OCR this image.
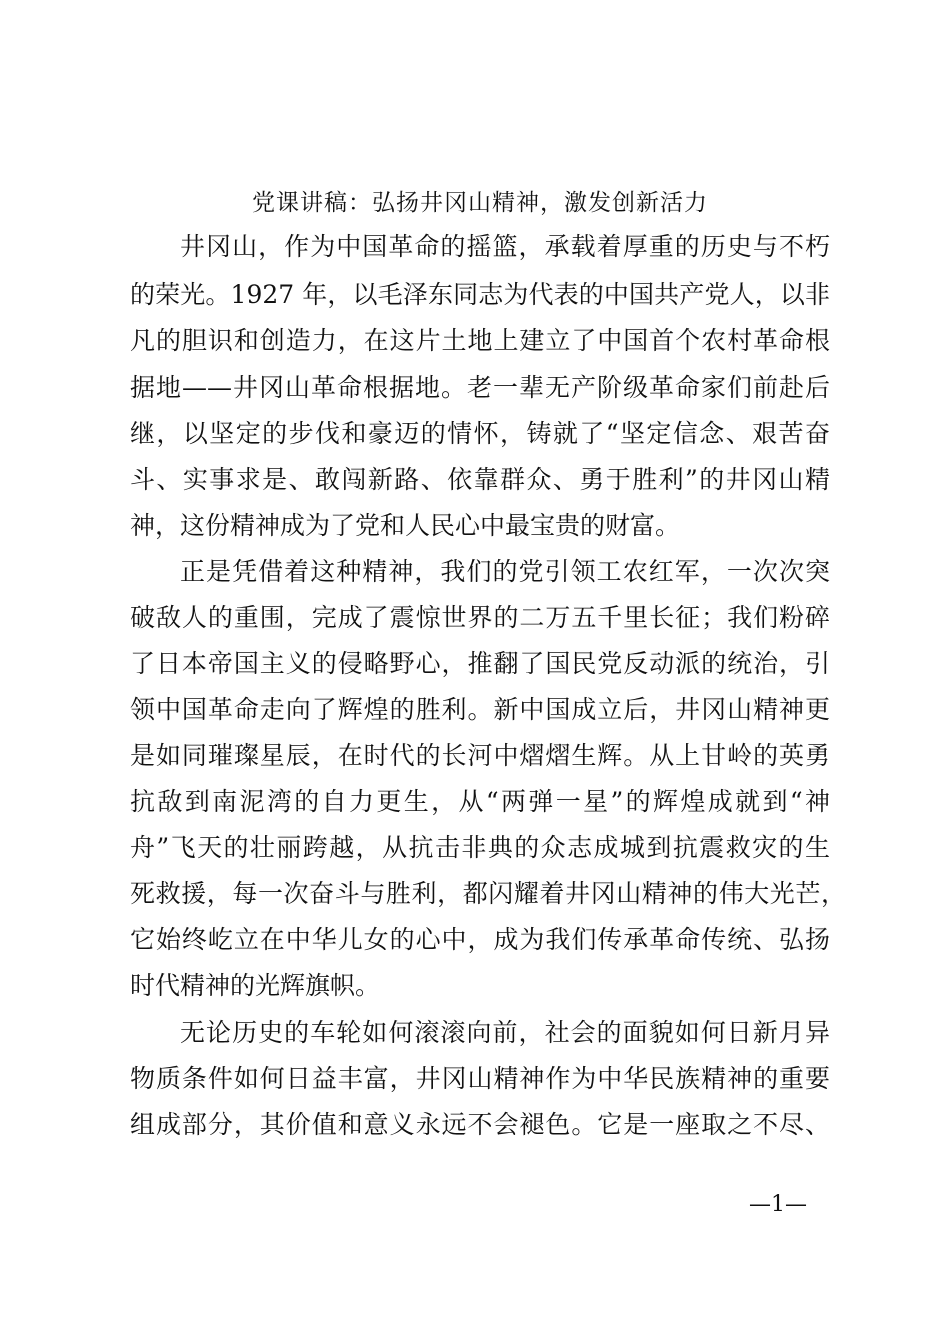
党课讲稿：弘扬井冈山精神，激发创新活力
井冈山，作为中国革命的摇篮，承载着厚重的历史与不朽
的荣光。1927 年，以毛泽东同志为代表的中国共产党人，以非
凡的胆识和创造力，在这片土地上建立了中国首个农村革命根
据地——井冈山革命根据地。老一辈无产阶级革命家们前赴后
继，以坚定的步伐和豪迈的情怀，铸就了“坚定信念、艰苦奋
斗、实事求是、敢闯新路、依靠群众、勇于胜利”的井冈山精
神，这份精神成为了党和人民心中最宝贵的财富。
正是凭借着这种精神，我们的党引领工农红军，一次次突
破敌人的重围，完成了震惊世界的二万五千里长征；我们粉碎
了日本帝国主义的侵略野心，推翻了国民党反动派的统治，引
领中国革命走向了辉煌的胜利。新中国成立后，井冈山精神更
是如同璀璨星辰，在时代的长河中熠熠生辉。从上甘岭的英勇
抗敌到南泥湾的自力更生，从“两弹一星”的辉煌成就到“神
舟”飞天的壮丽跨越，从抗击非典的众志成城到抗震救灾的生
死救援，每一次奋斗与胜利，都闪耀着井冈山精神的伟大光芒，
它始终屹立在中华儿女的心中，成为我们传承革命传统、弘扬
时代精神的光辉旗帜。
无论历史的车轮如何滚滚向前，社会的面貌如何日新月异
物质条件如何日益丰富，井冈山精神作为中华民族精神的重要
组成部分，其价值和意义永远不会褪色。它是一座取之不尽、
—1—
